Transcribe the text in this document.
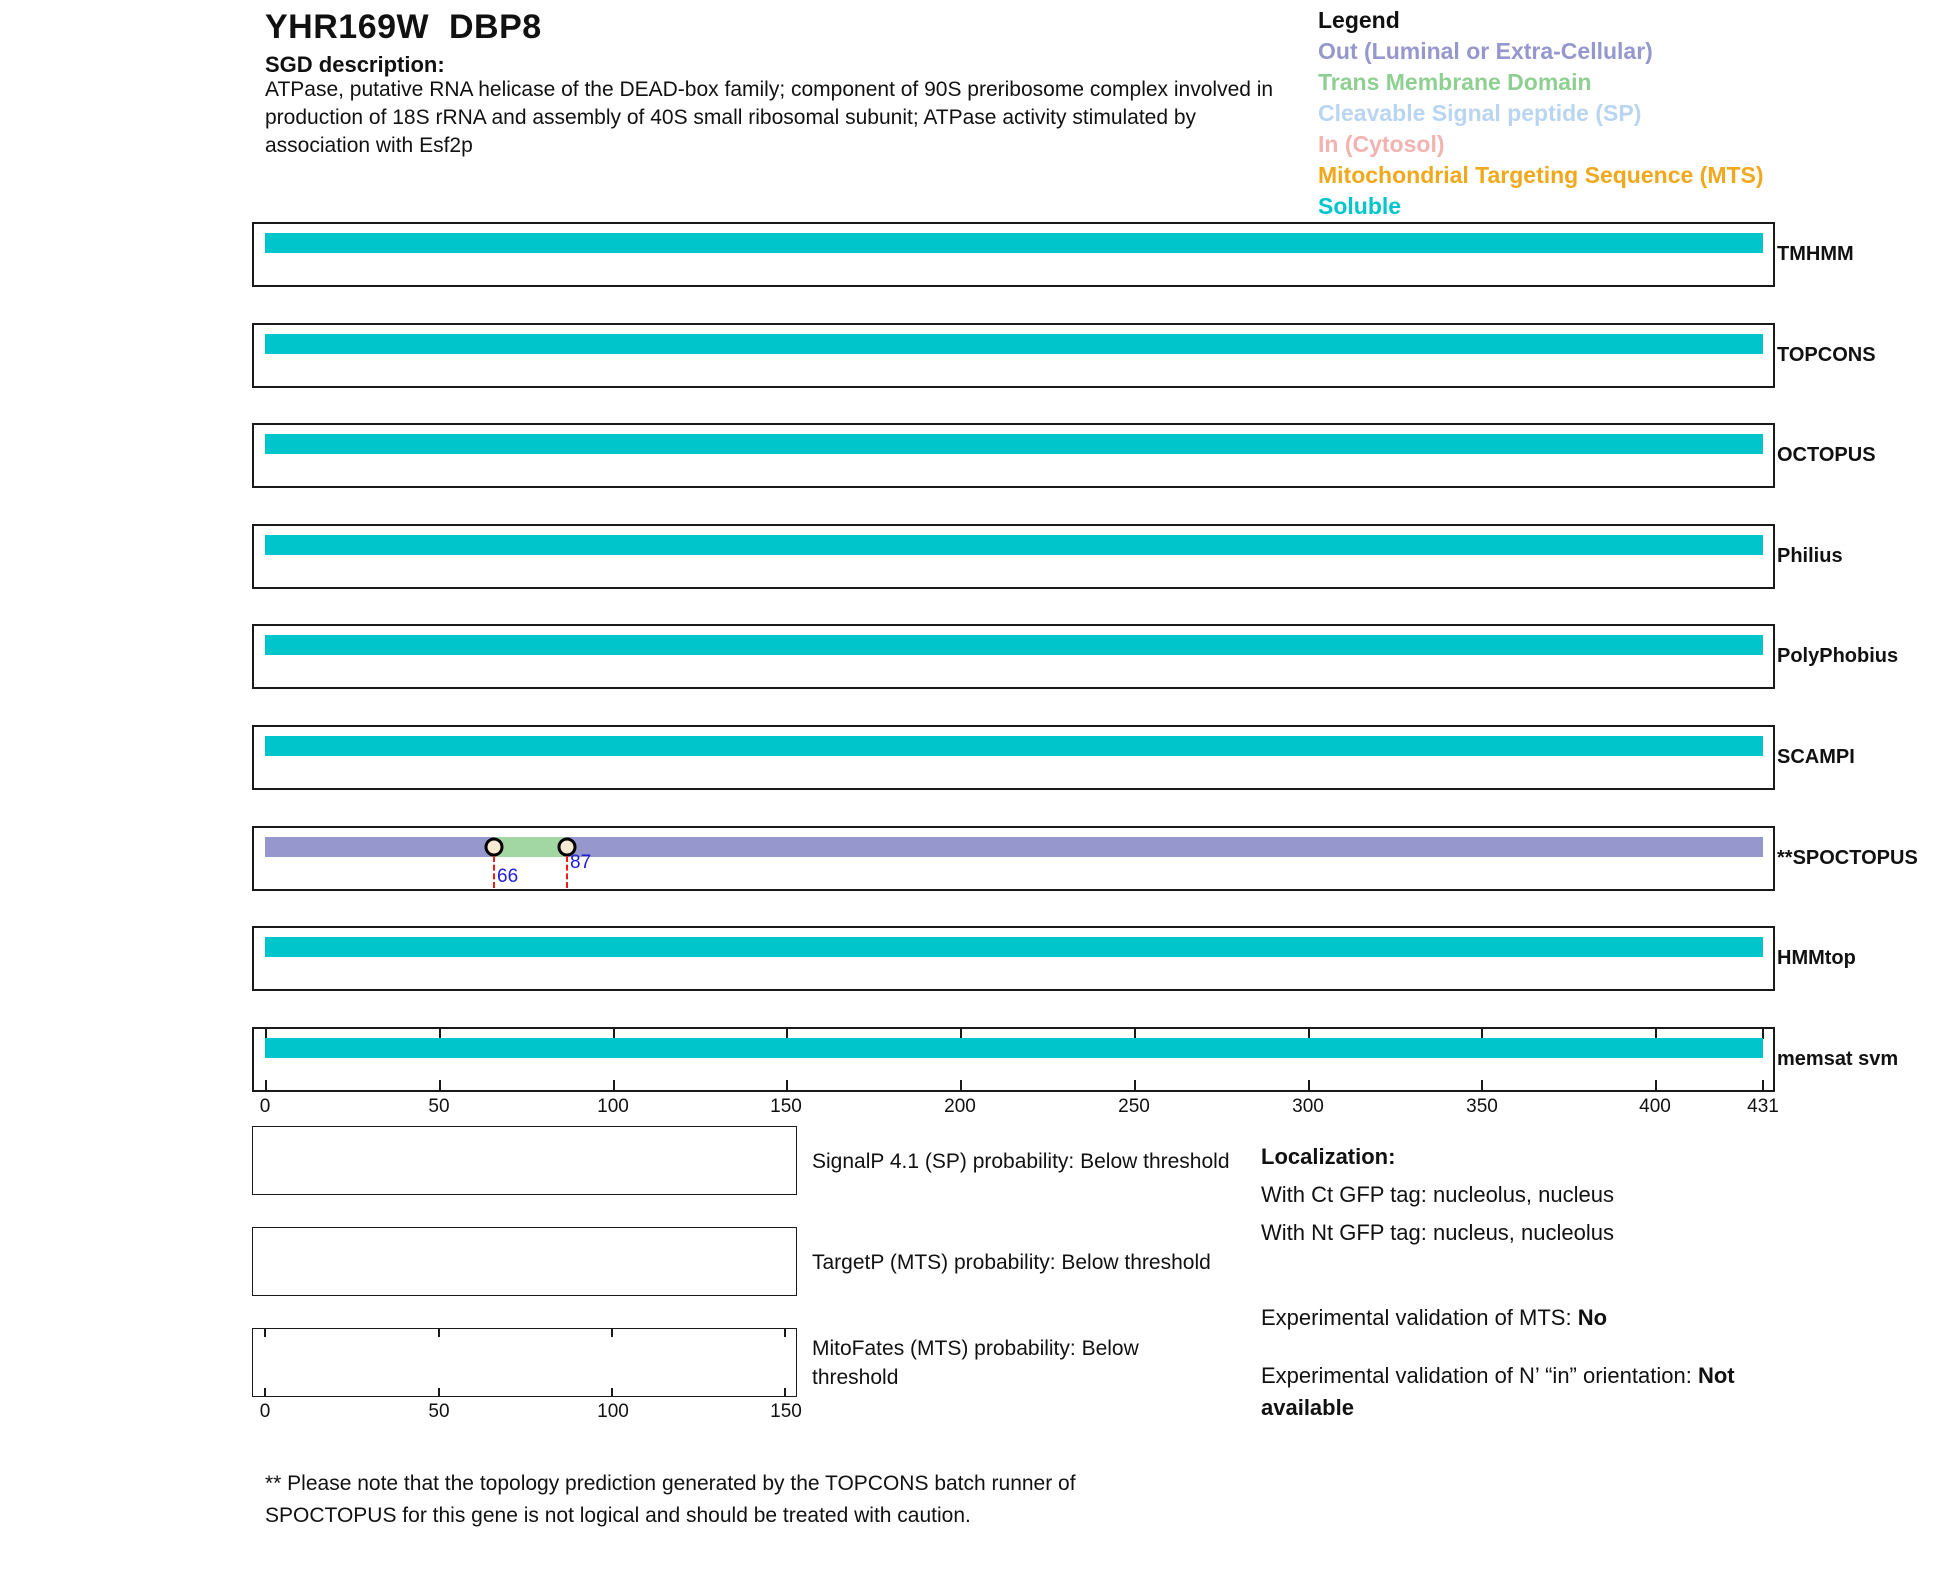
YHR169W  DBP8
SGD description:
ATPase, putative RNA helicase of the DEAD-box family; component of 90S preribosome complex involved in
production of 18S rRNA and assembly of 40S small ribosomal subunit; ATPase activity stimulated by
association with Esf2p
Legend
Out (Luminal or Extra-Cellular)
Trans Membrane Domain
Cleavable Signal peptide (SP)
In (Cytosol)
Mitochondrial Targeting Sequence (MTS)
Soluble
TMHMM
TOPCONS
OCTOPUS
Philius
PolyPhobius
SCAMPI
66
87	**SPOCTOPUS
HMMtop
memsat svm
0	50	100	150	200	250	300	350	400	431
SignalP 4.1 (SP) probability: Below threshold
TargetP (MTS) probability: Below threshold
MitoFates (MTS) probability: Below
threshold
0	50	100	150
Localization:
With Ct GFP tag: nucleolus, nucleus
With Nt GFP tag: nucleus, nucleolus
Experimental validation of MTS: No
Experimental validation of N’ “in” orientation: Not
available
** Please note that the topology prediction generated by the TOPCONS batch runner of
SPOCTOPUS for this gene is not logical and should be treated with caution.
